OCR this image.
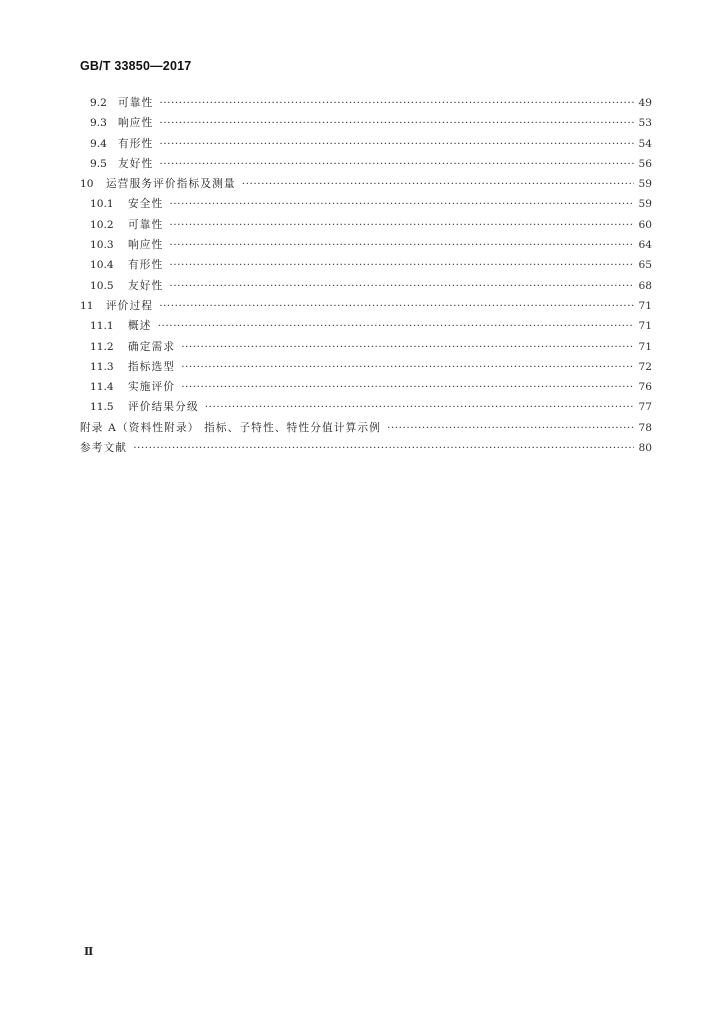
GB/T 33850—2017
9.2	可靠性 ·····	49
9.3	响应性 ·····	53
9.4	有形性 ·····	54
9.5	友好性 ·····	56
10	运营服务评价指标及测量 ·····	59
10.1	安全性 ·····	59
10.2	可靠性 ·····	60
10.3	响应性 ·····	64
10.4	有形性 ·····	65
10.5	友好性 ·····	68
11	评价过程 ·····	71
11.1	概述 ·····	71
11.2	确定需求 ·····	71
11.3	指标选型 ·····	72
11.4	实施评价 ·····	76
11.5	评价结果分级 ·····	77
附录 A（资料性附录） 指标、子特性、特性分值计算示例 ·····	78
参考文献 ·····	80
Ⅱ
